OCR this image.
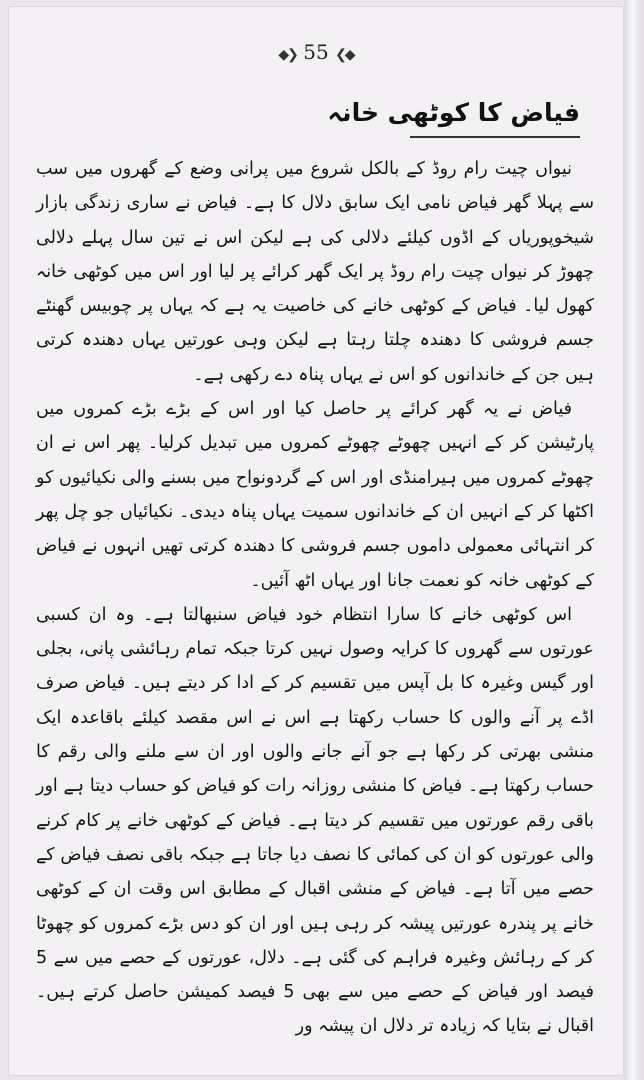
◆❯ 55 ❮◆
فیاض کا کوٹھی خانہ

نیواں چیت رام روڈ کے بالکل شروع میں پرانی وضع کے گھروں میں سب سے پہلا گھر فیاض نامی ایک سابق دلال کا ہے۔ فیاض نے ساری زندگی بازار شیخوپوریاں کے اڈوں کیلئے دلالی کی ہے لیکن اس نے تین سال پہلے دلالی چھوڑ کر نیواں چیت رام روڈ پر ایک گھر کرائے پر لیا اور اس میں کوٹھی خانہ کھول لیا۔ فیاض کے کوٹھی خانے کی خاصیت یہ ہے کہ یہاں پر چوبیس گھنٹے جسم فروشی کا دھندہ چلتا رہتا ہے لیکن وہی عورتیں یہاں دھندہ کرتی ہیں جن کے خاندانوں کو اس نے یہاں پناہ دے رکھی ہے۔

فیاض نے یہ گھر کرائے پر حاصل کیا اور اس کے بڑے بڑے کمروں میں پارٹیشن کر کے انہیں چھوٹے چھوٹے کمروں میں تبدیل کرلیا۔ پھر اس نے ان چھوٹے کمروں میں ہیرامنڈی اور اس کے گردونواح میں بسنے والی نکیائیوں کو اکٹھا کر کے انہیں ان کے خاندانوں سمیت یہاں پناہ دیدی۔ نکیائیاں جو چل پھر کر انتہائی معمولی داموں جسم فروشی کا دھندہ کرتی تھیں انہوں نے فیاض کے کوٹھی خانہ کو نعمت جانا اور یہاں اٹھ آئیں۔

اس کوٹھی خانے کا سارا انتظام خود فیاض سنبھالتا ہے۔ وہ ان کسبی عورتوں سے گھروں کا کرایہ وصول نہیں کرتا جبکہ تمام رہائشی پانی، بجلی اور گیس وغیرہ کا بل آپس میں تقسیم کر کے ادا کر دیتے ہیں۔ فیاض صرف اڈے پر آنے والوں کا حساب رکھتا ہے اس نے اس مقصد کیلئے باقاعدہ ایک منشی بھرتی کر رکھا ہے جو آنے جانے والوں اور ان سے ملنے والی رقم کا حساب رکھتا ہے۔ فیاض کا منشی روزانہ رات کو فیاض کو حساب دیتا ہے اور باقی رقم عورتوں میں تقسیم کر دیتا ہے۔ فیاض کے کوٹھی خانے پر کام کرنے والی عورتوں کو ان کی کمائی کا نصف دیا جاتا ہے جبکہ باقی نصف فیاض کے حصے میں آتا ہے۔ فیاض کے منشی اقبال کے مطابق اس وقت ان کے کوٹھی خانے پر پندرہ عورتیں پیشہ کر رہی ہیں اور ان کو دس بڑے کمروں کو چھوٹا کر کے رہائش وغیرہ فراہم کی گئی ہے۔ دلال، عورتوں کے حصے میں سے 5 فیصد اور فیاض کے حصے میں سے بھی 5 فیصد کمیشن حاصل کرتے ہیں۔ اقبال نے بتایا کہ زیادہ تر دلال ان پیشہ ور
